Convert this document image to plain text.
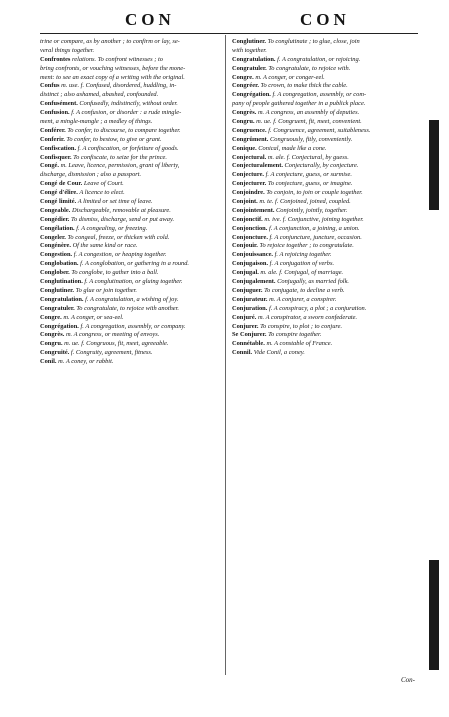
CON	CON

trine or compare, as by another ; to confirm or lay, se-

veral things together.

Confrontes relations. To confront witnesses ; to

bring confronts, or vouching witnesses, before the mone-

ment: to see an exact copy of a writing with the original.

Confus m. use. f. Confused, disordered, huddling, in-

distinct ; also ashamed, abashed, confounded.

Confusément. Confusedly, indistinctly, without order.

Confusion. f. A confusion, or disorder : a rude mingle-

ment, a mingle-mangle ; a medley of things.

Conférer. To confer, to discourse, to compare together.

Conferir. To confer, to bestow, to give or grant.

Confiscation. f. A confiscation, or forfeiture of goods.

Confisquer. To confiscate, to seize for the prince.

Congé. m. Leave, licence, permission, grant of liberty,

discharge, dismission ; also a passport.

Congé de Cour. Leave of Court.

Congé d'élire. A licence to elect.

Congé limité. A limited or set time of leave.

Congeable. Dischargeable, removable at pleasure.

Congédier. To dismiss, discharge, send or put away.

Congélation. f. A congealing, or freezing.

Congeler. To congeal, freeze, or thicken with cold.

Congénère. Of the same kind or race.

Congestion. f. A congestion, or heaping together.

Conglobation. f. A conglobation, or gathering in a round.

Conglober. To conglobe, to gather into a ball.

Conglutination. f. A conglutination, or gluing together.

Conglutiner. To glue or join together.

Congratulation. f. A congratulation, a wishing of joy.

Congratuler. To congratulate, to rejoice with another.

Congre. m. A conger, or sea-eel.

Congrégation. f. A congregation, assembly, or company.

Congrès. m. A congress, or meeting of envoys.

Congru. m. ue. f. Congruous, fit, meet, agreeable.

Congruité. f. Congruity, agreement, fitness.

Conil. m. A coney, or rabbit.

Conglutiner. To conglutinate ; to glue, close, join

with together.

Congratulation. f. A congratulation, or rejoicing.

Congratuler. To congratulate, to rejoice with.

Congre. m. A conger, or conger-eel.

Congréer. To crown, to make thick the cable.

Congrégation. f. A congregation, assembly, or com-

pany of people gathered together in a publick place.

Congrès. m. A congress, an assembly of deputies.

Congru. m. ue. f. Congruent, fit, meet, convenient.

Congruence. f. Congruence, agreement, suitableness.

Congrûment. Congruously, fitly, conveniently.

Conique. Conical, made like a cone.

Conjectural. m. ale. f. Conjectural, by guess.

Conjecturalement. Conjecturally, by conjecture.

Conjecture. f. A conjecture, guess, or surmise.

Conjecturer. To conjecture, guess, or imagine.

Conjoindre. To conjoin, to join or couple together.

Conjoint. m. te. f. Conjoined, joined, coupled.

Conjointement. Conjointly, jointly, together.

Conjonctif. m. ive. f. Conjunctive, joining together.

Conjonction. f. A conjunction, a joining, a union.

Conjoncture. f. A conjuncture, juncture, occasion.

Conjouir. To rejoice together ; to congratulate.

Conjouissance. f. A rejoicing together.

Conjugaison. f. A conjugation of verbs.

Conjugal. m. ale. f. Conjugal, of marriage.

Conjugalement. Conjugally, as married folk.

Conjuguer. To conjugate, to decline a verb.

Conjurateur. m. A conjurer, a conspirer.

Conjuration. f. A conspiracy, a plot ; a conjuration.

Conjuré. m. A conspirator, a sworn confederate.

Conjurer. To conspire, to plot ; to conjure.

Se Conjurer. To conspire together.

Connétable. m. A constable of France.

Connil. Vide Conil, a coney.

Con-
